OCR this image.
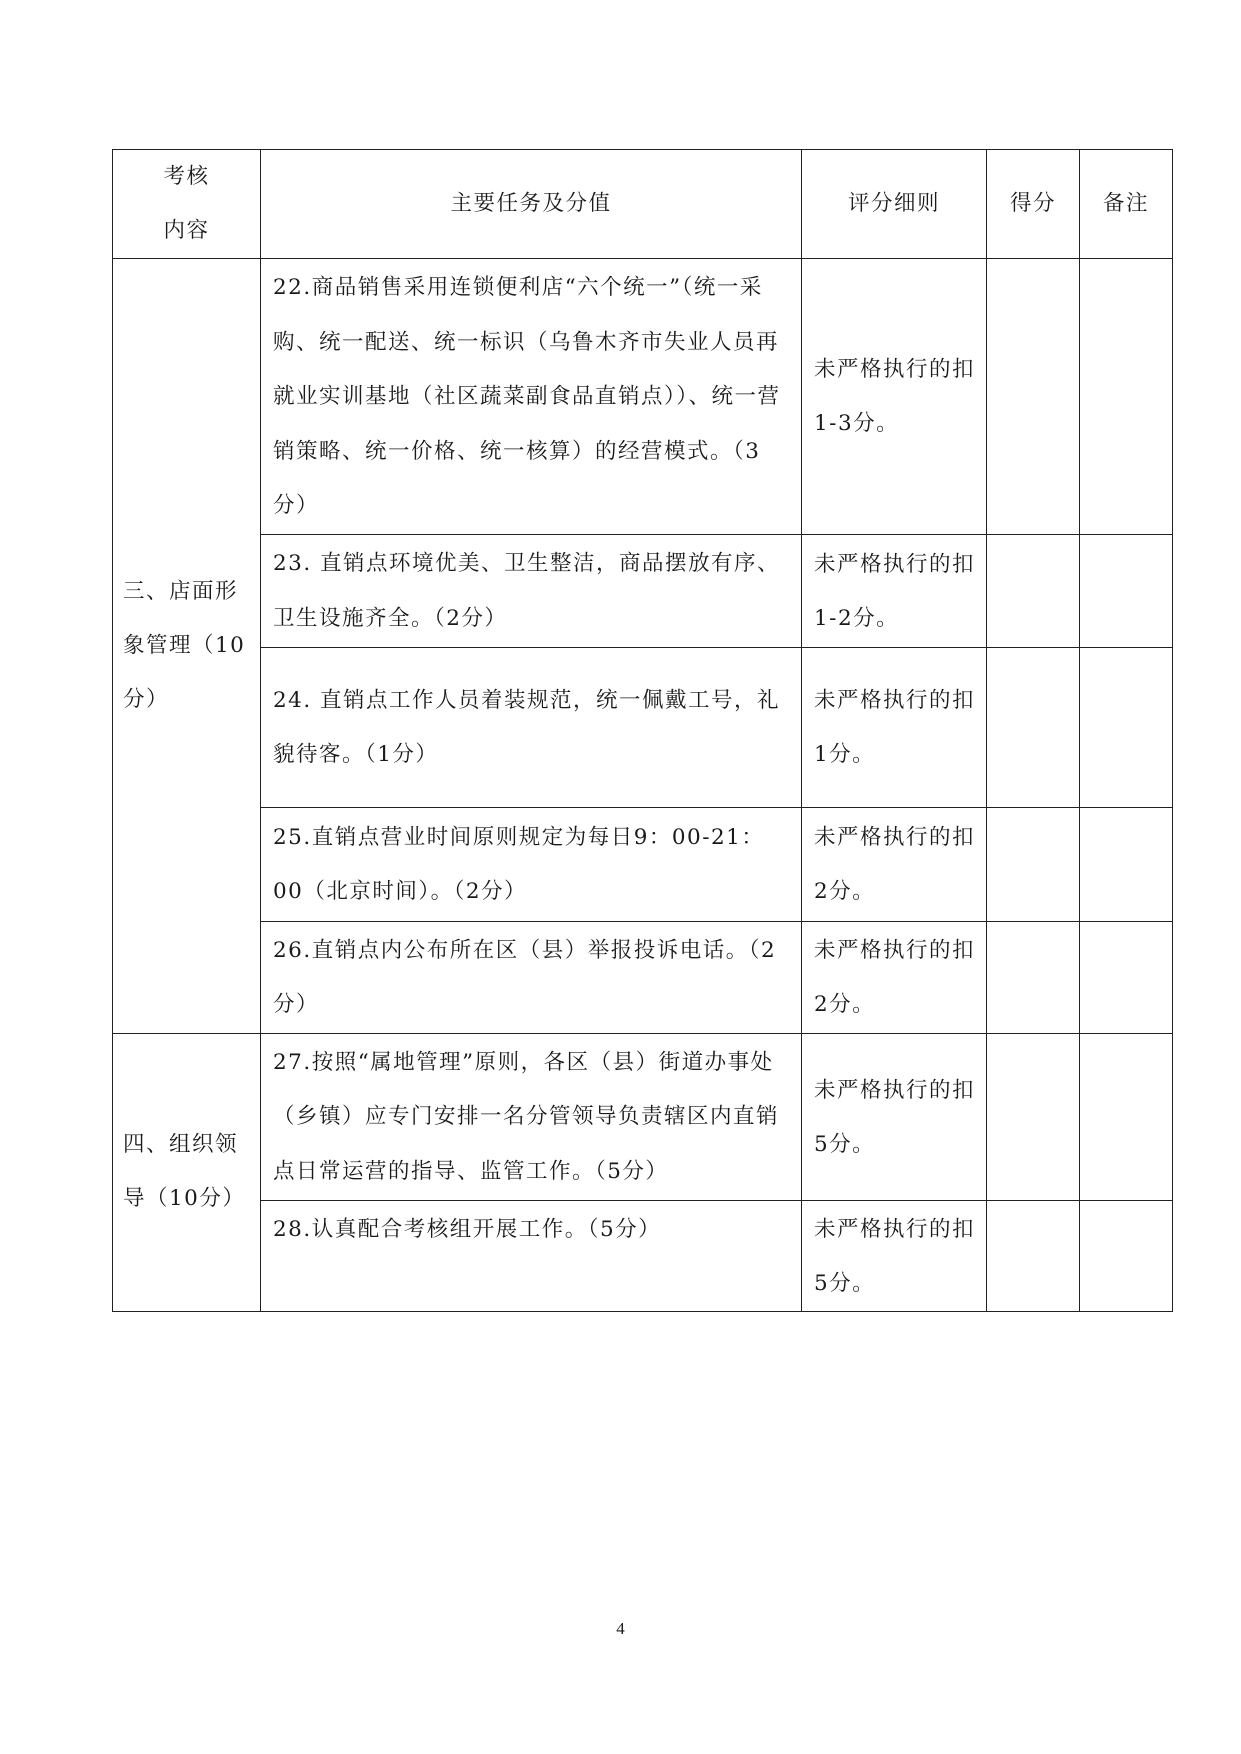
考核
内容	主要任务及分值	评分细则	得分	备注
三、店面形象管理（10分）	22.商品销售采用连锁便利店“六个统一”（统一采购、统一配送、统一标识（乌鲁木齐市失业人员再就业实训基地（社区蔬菜副食品直销点））、统一营销策略、统一价格、统一核算）的经营模式。（3分）	未严格执行的扣1-3分。		
	23. 直销点环境优美、卫生整洁，商品摆放有序、卫生设施齐全。（2分）	未严格执行的扣1-2分。		
	24. 直销点工作人员着装规范，统一佩戴工号，礼貌待客。（1分）	未严格执行的扣1分。		
	25.直销点营业时间原则规定为每日9：00-21：00（北京时间）。（2分）	未严格执行的扣2分。		
	26.直销点内公布所在区（县）举报投诉电话。（2分）	未严格执行的扣2分。		
四、组织领导（10分）	27.按照“属地管理”原则，各区（县）街道办事处（乡镇）应专门安排一名分管领导负责辖区内直销点日常运营的指导、监管工作。（5分）	未严格执行的扣5分。		
	28.认真配合考核组开展工作。（5分）	未严格执行的扣5分。		
4
